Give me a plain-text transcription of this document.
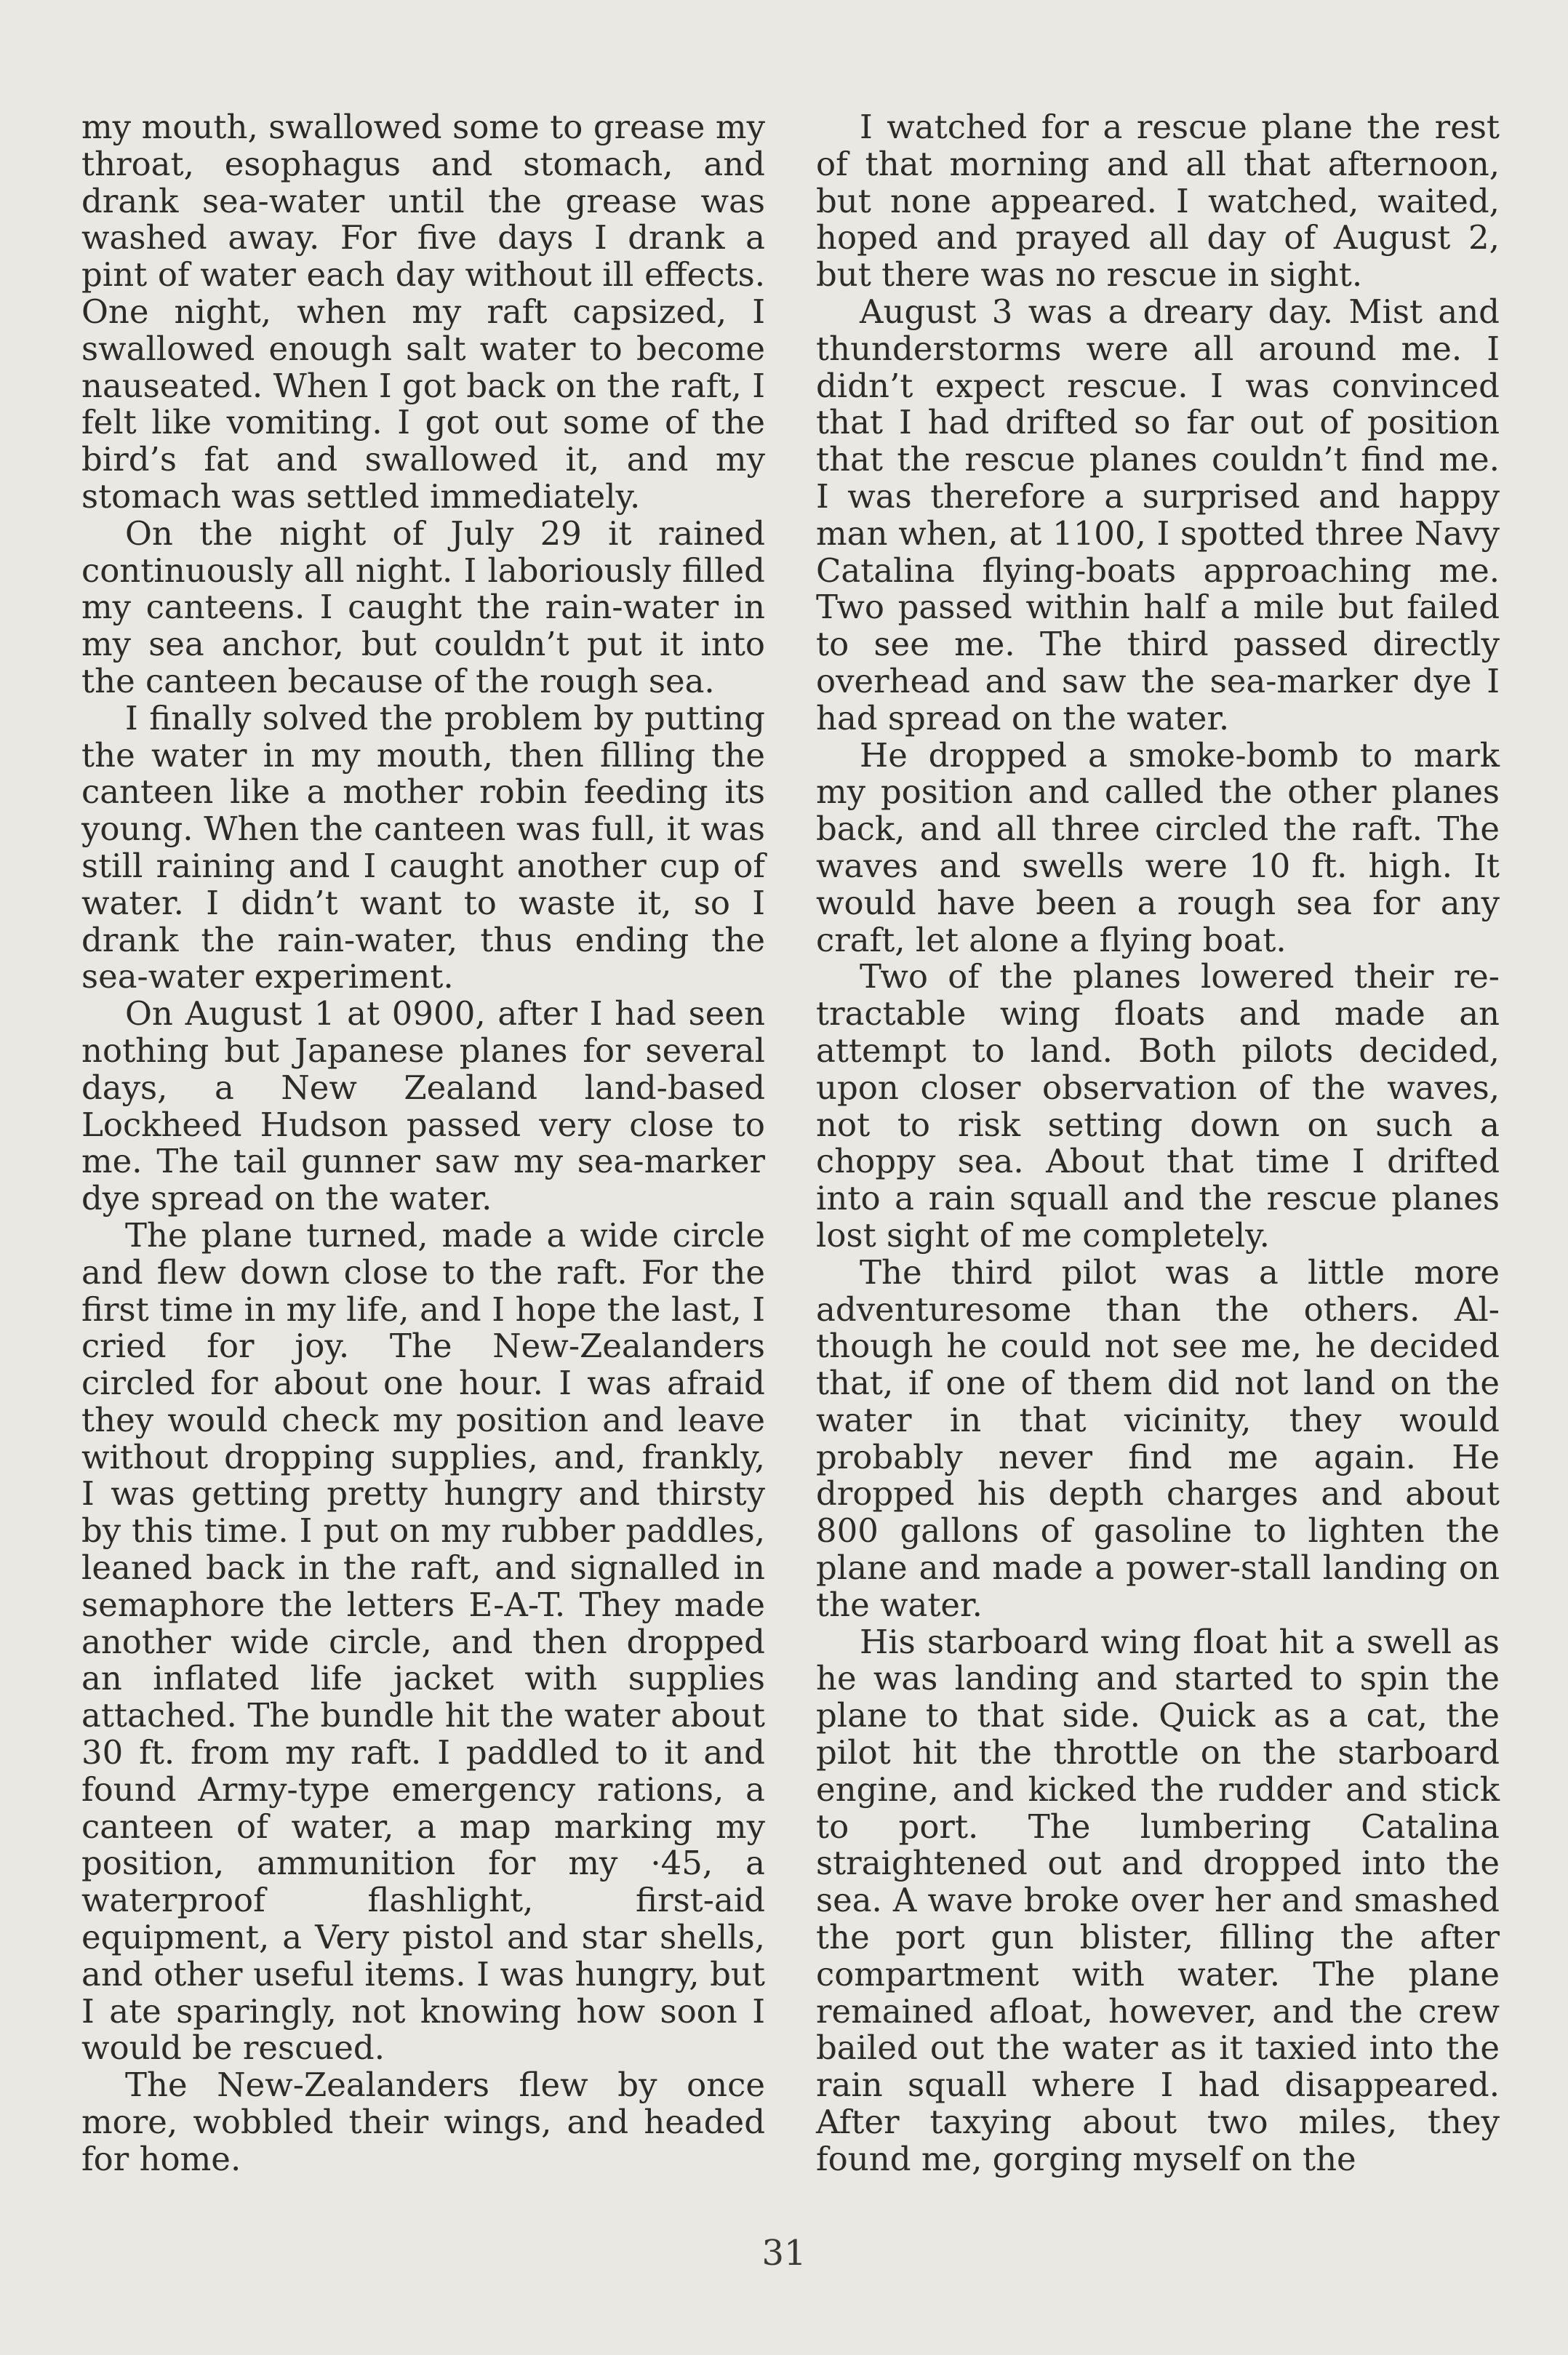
my mouth, swallowed some to grease my throat, esophagus and stomach, and drank sea-water until the grease was washed away. For five days I drank a pint of water each day without ill effects. One night, when my raft capsized, I swallowed enough salt water to become nauseated. When I got back on the raft, I felt like vomiting. I got out some of the bird’s fat and swallowed it, and my stomach was settled immediately.

On the night of July 29 it rained continuously all night. I laboriously filled my canteens. I caught the rain-water in my sea anchor, but couldn’t put it into the canteen because of the rough sea.

I finally solved the problem by putting the water in my mouth, then filling the canteen like a mother robin feeding its young. When the canteen was full, it was still raining and I caught another cup of water. I didn’t want to waste it, so I drank the rain-water, thus ending the sea-water experiment.

On August 1 at 0900, after I had seen nothing but Japanese planes for several days, a New Zealand land-based Lockheed Hudson passed very close to me. The tail gunner saw my sea-marker dye spread on the water.

The plane turned, made a wide circle and flew down close to the raft. For the first time in my life, and I hope the last, I cried for joy. The New-Zealanders circled for about one hour. I was afraid they would check my position and leave without dropping supplies, and, frankly, I was getting pretty hungry and thirsty by this time. I put on my rubber paddles, leaned back in the raft, and signalled in semaphore the letters E-A-T. They made another wide circle, and then dropped an inflated life jacket with supplies attached. The bundle hit the water about 30 ft. from my raft. I paddled to it and found Army-type emergency rations, a canteen of water, a map marking my position, ammunition for my ·45, a waterproof flashlight, first-aid equipment, a Very pistol and star shells, and other useful items. I was hungry, but I ate sparingly, not knowing how soon I would be rescued.

The New-Zealanders flew by once more, wobbled their wings, and headed for home.

I watched for a rescue plane the rest of that morning and all that afternoon, but none appeared. I watched, waited, hoped and prayed all day of August 2, but there was no rescue in sight.

August 3 was a dreary day. Mist and thunderstorms were all around me. I didn’t expect rescue. I was convinced that I had drifted so far out of position that the rescue planes couldn’t find me. I was therefore a surprised and happy man when, at 1100, I spotted three Navy Catalina flying-boats approaching me. Two passed within half a mile but failed to see me. The third passed directly overhead and saw the sea-marker dye I had spread on the water.

He dropped a smoke-bomb to mark my position and called the other planes back, and all three circled the raft. The waves and swells were 10 ft. high. It would have been a rough sea for any craft, let alone a flying boat.

Two of the planes lowered their retractable wing floats and made an attempt to land. Both pilots decided, upon closer observation of the waves, not to risk setting down on such a choppy sea. About that time I drifted into a rain squall and the rescue planes lost sight of me completely.

The third pilot was a little more adventuresome than the others. Although he could not see me, he decided that, if one of them did not land on the water in that vicinity, they would probably never find me again. He dropped his depth charges and about 800 gallons of gasoline to lighten the plane and made a power-stall landing on the water.

His starboard wing float hit a swell as he was landing and started to spin the plane to that side. Quick as a cat, the pilot hit the throttle on the starboard engine, and kicked the rudder and stick to port. The lumbering Catalina straightened out and dropped into the sea. A wave broke over her and smashed the port gun blister, filling the after compartment with water. The plane remained afloat, however, and the crew bailed out the water as it taxied into the rain squall where I had disappeared. After taxying about two miles, they found me, gorging myself on the

31
